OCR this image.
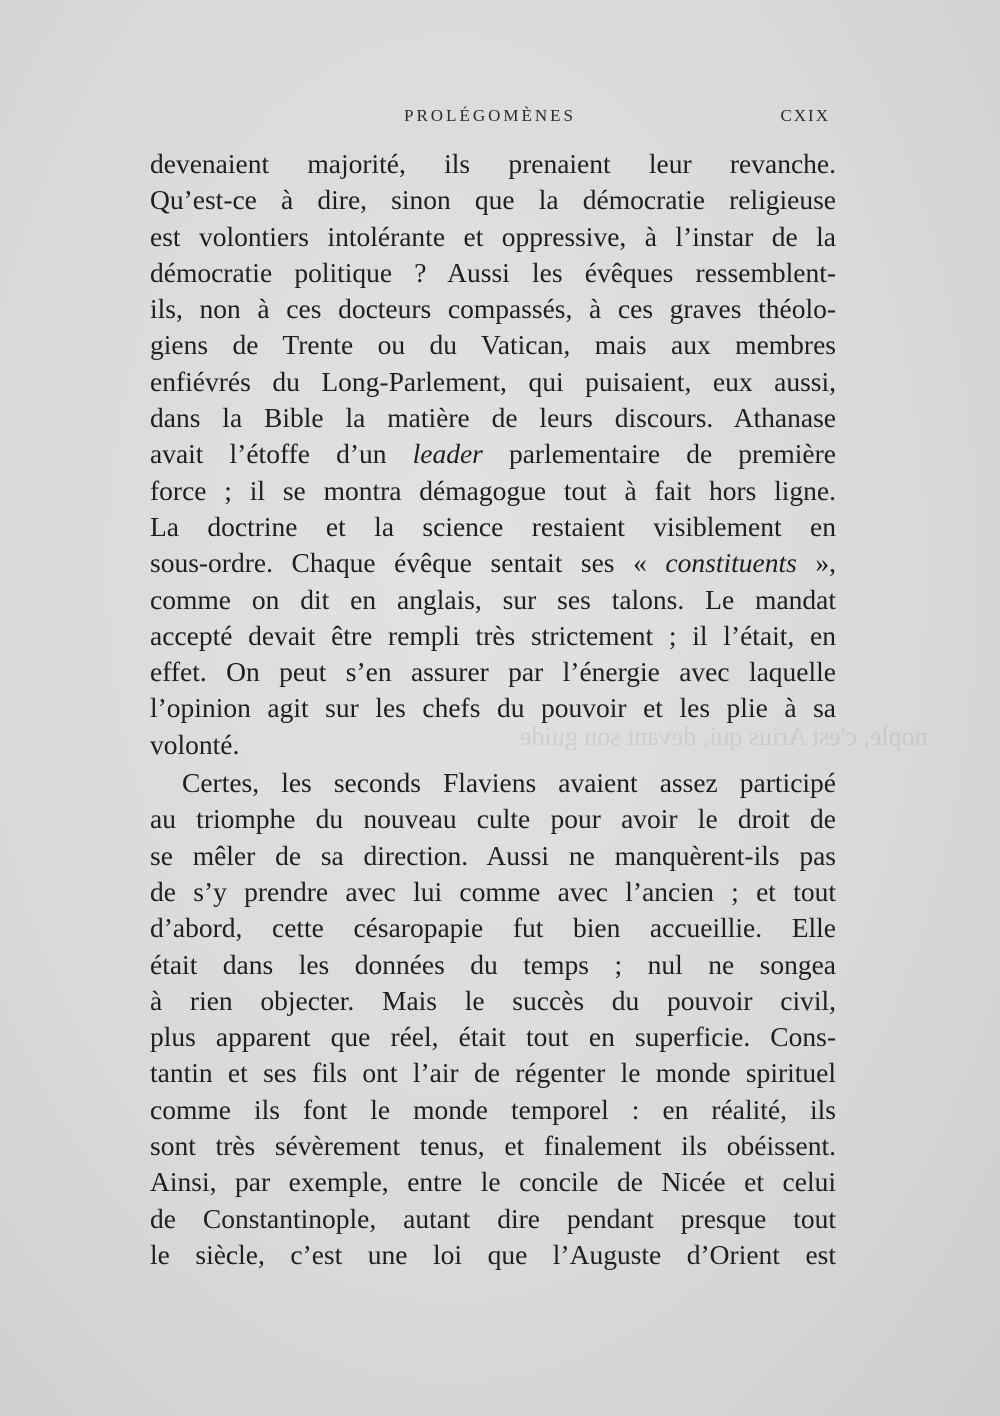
PROLÉGOMÈNES	CXIX
nople, c'est Arius qui, devant son guide
devenaient majorité, ils prenaient leur revanche.
Qu’est-ce à dire, sinon que la démocratie religieuse
est volontiers intolérante et oppressive, à l’instar de la
démocratie politique ? Aussi les évêques ressemblent-
ils, non à ces docteurs compassés, à ces graves théolo-
giens de Trente ou du Vatican, mais aux membres
enfiévrés du Long-Parlement, qui puisaient, eux aussi,
dans la Bible la matière de leurs discours. Athanase
avait l’étoffe d’un leader parlementaire de première
force ; il se montra démagogue tout à fait hors ligne.
La doctrine et la science restaient visiblement en
sous-ordre. Chaque évêque sentait ses « constituents »,
comme on dit en anglais, sur ses talons. Le mandat
accepté devait être rempli très strictement ; il l’était, en
effet. On peut s’en assurer par l’énergie avec laquelle
l’opinion agit sur les chefs du pouvoir et les plie à sa
volonté.
Certes, les seconds Flaviens avaient assez participé
au triomphe du nouveau culte pour avoir le droit de
se mêler de sa direction. Aussi ne manquèrent-ils pas
de s’y prendre avec lui comme avec l’ancien ; et tout
d’abord, cette césaropapie fut bien accueillie. Elle
était dans les données du temps ; nul ne songea
à rien objecter. Mais le succès du pouvoir civil,
plus apparent que réel, était tout en superficie. Cons-
tantin et ses fils ont l’air de régenter le monde spirituel
comme ils font le monde temporel : en réalité, ils
sont très sévèrement tenus, et finalement ils obéissent.
Ainsi, par exemple, entre le concile de Nicée et celui
de Constantinople, autant dire pendant presque tout
le siècle, c’est une loi que l’Auguste d’Orient est
